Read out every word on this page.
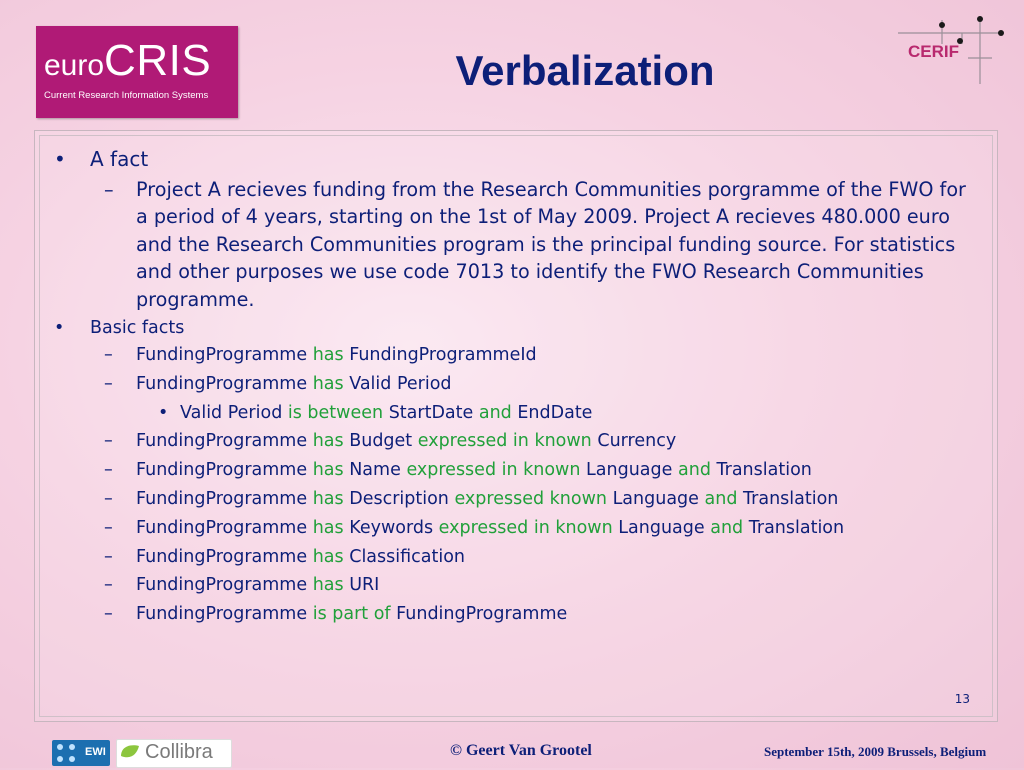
euroCRIS
Current Research Information Systems
Verbalization	CERIF
• A fact
– Project A recieves funding from the Research Communities porgramme of the FWO for a period of 4 years, starting on the 1st of May 2009. Project A recieves 480.000 euro and the Research Communities program is the principal funding source. For statistics and other purposes we use code 7013 to identify the FWO Research Communities programme.
• Basic facts
– FundingProgramme has FundingProgrammeId
– FundingProgramme has Valid Period
• Valid Period is between StartDate and EndDate
– FundingProgramme has Budget expressed in known Currency
– FundingProgramme has Name expressed in known Language and Translation
– FundingProgramme has Description expressed known Language and Translation
– FundingProgramme has Keywords expressed in known Language and Translation
– FundingProgramme has Classification
– FundingProgramme has URI
– FundingProgramme is part of FundingProgramme
13
EWI Collibra	© Geert Van Grootel	September 15th, 2009 Brussels, Belgium
